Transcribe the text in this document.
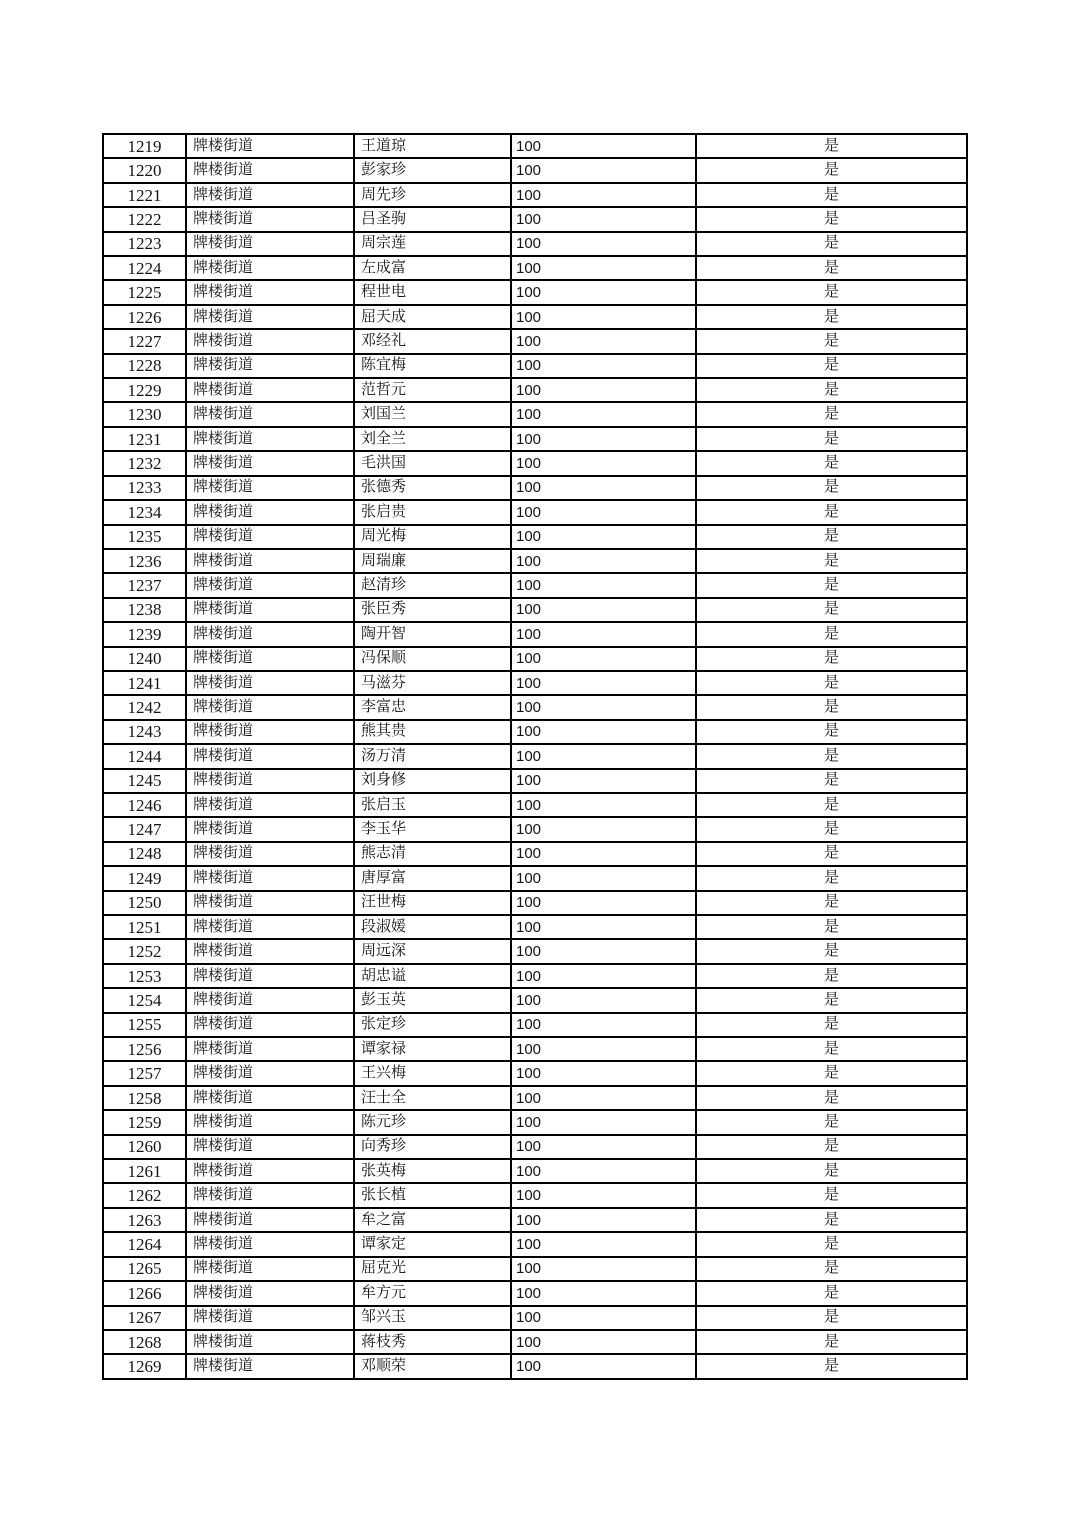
1219	牌楼街道	王道琼	100	是
1220	牌楼街道	彭家珍	100	是
1221	牌楼街道	周先珍	100	是
1222	牌楼街道	吕圣驹	100	是
1223	牌楼街道	周宗莲	100	是
1224	牌楼街道	左成富	100	是
1225	牌楼街道	程世电	100	是
1226	牌楼街道	屈天成	100	是
1227	牌楼街道	邓经礼	100	是
1228	牌楼街道	陈宜梅	100	是
1229	牌楼街道	范哲元	100	是
1230	牌楼街道	刘国兰	100	是
1231	牌楼街道	刘全兰	100	是
1232	牌楼街道	毛洪国	100	是
1233	牌楼街道	张德秀	100	是
1234	牌楼街道	张启贵	100	是
1235	牌楼街道	周光梅	100	是
1236	牌楼街道	周瑞廉	100	是
1237	牌楼街道	赵清珍	100	是
1238	牌楼街道	张臣秀	100	是
1239	牌楼街道	陶开智	100	是
1240	牌楼街道	冯保顺	100	是
1241	牌楼街道	马滋芬	100	是
1242	牌楼街道	李富忠	100	是
1243	牌楼街道	熊其贵	100	是
1244	牌楼街道	汤万清	100	是
1245	牌楼街道	刘身修	100	是
1246	牌楼街道	张启玉	100	是
1247	牌楼街道	李玉华	100	是
1248	牌楼街道	熊志清	100	是
1249	牌楼街道	唐厚富	100	是
1250	牌楼街道	汪世梅	100	是
1251	牌楼街道	段淑媛	100	是
1252	牌楼街道	周远深	100	是
1253	牌楼街道	胡忠谥	100	是
1254	牌楼街道	彭玉英	100	是
1255	牌楼街道	张定珍	100	是
1256	牌楼街道	谭家禄	100	是
1257	牌楼街道	王兴梅	100	是
1258	牌楼街道	汪士全	100	是
1259	牌楼街道	陈元珍	100	是
1260	牌楼街道	向秀珍	100	是
1261	牌楼街道	张英梅	100	是
1262	牌楼街道	张长植	100	是
1263	牌楼街道	牟之富	100	是
1264	牌楼街道	谭家定	100	是
1265	牌楼街道	屈克光	100	是
1266	牌楼街道	牟方元	100	是
1267	牌楼街道	邹兴玉	100	是
1268	牌楼街道	蒋枝秀	100	是
1269	牌楼街道	邓顺荣	100	是
